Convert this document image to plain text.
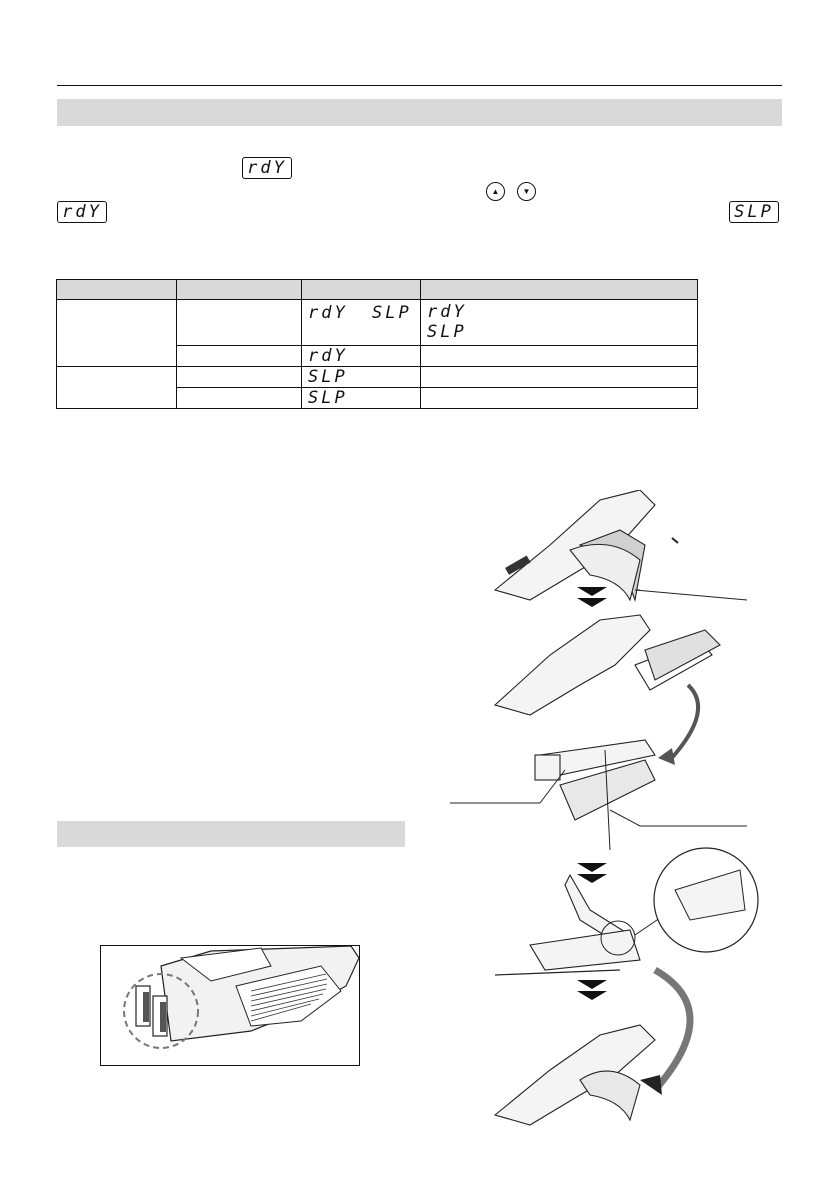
rdY
▲	▼
rdY	SLP

		rdY SLP	rdY
SLP

		rdY	

		SLP	

		SLP	
